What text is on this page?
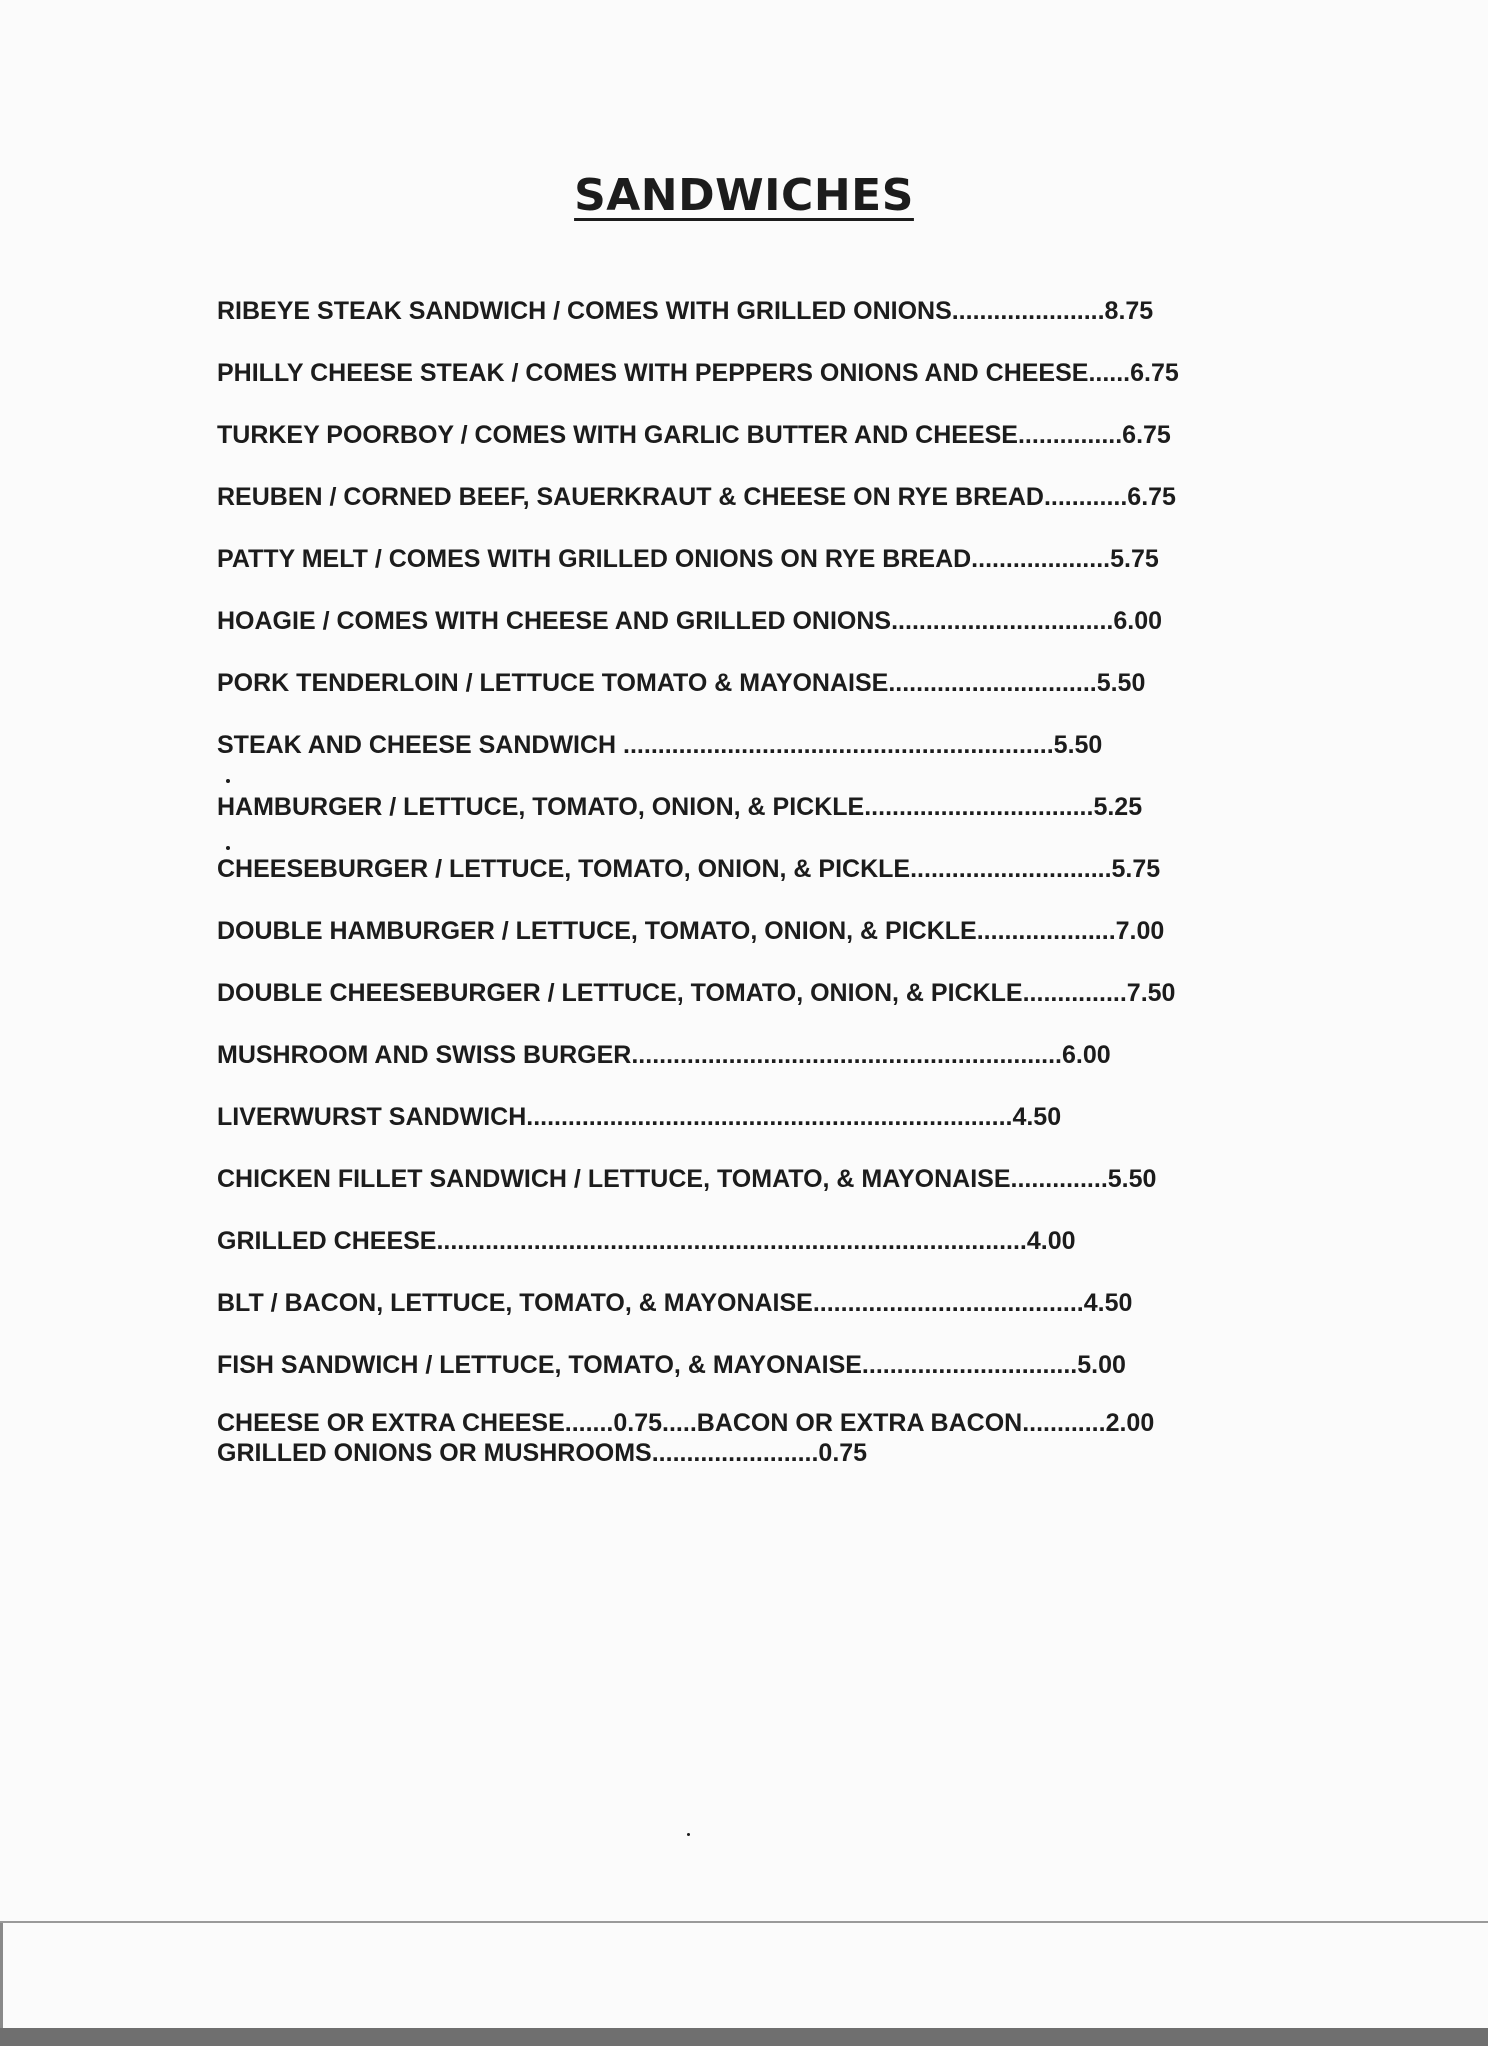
SANDWICHES
RIBEYE STEAK SANDWICH / COMES WITH GRILLED ONIONS......................8.75
PHILLY CHEESE STEAK / COMES WITH PEPPERS ONIONS AND CHEESE......6.75
TURKEY POORBOY / COMES WITH GARLIC BUTTER AND CHEESE...............6.75
REUBEN / CORNED BEEF, SAUERKRAUT & CHEESE ON RYE BREAD............6.75
PATTY MELT / COMES WITH GRILLED ONIONS ON RYE BREAD....................5.75
HOAGIE / COMES WITH CHEESE AND GRILLED ONIONS................................6.00
PORK TENDERLOIN / LETTUCE TOMATO & MAYONAISE..............................5.50
STEAK AND CHEESE SANDWICH ..............................................................5.50
HAMBURGER / LETTUCE, TOMATO, ONION, & PICKLE.................................5.25
CHEESEBURGER / LETTUCE, TOMATO, ONION, & PICKLE.............................5.75
DOUBLE HAMBURGER / LETTUCE, TOMATO, ONION, & PICKLE....................7.00
DOUBLE CHEESEBURGER / LETTUCE, TOMATO, ONION, & PICKLE...............7.50
MUSHROOM AND SWISS BURGER..............................................................6.00
LIVERWURST SANDWICH......................................................................4.50
CHICKEN FILLET SANDWICH / LETTUCE, TOMATO, & MAYONAISE..............5.50
GRILLED CHEESE.....................................................................................4.00
BLT / BACON, LETTUCE, TOMATO, & MAYONAISE.......................................4.50
FISH SANDWICH / LETTUCE, TOMATO, & MAYONAISE...............................5.00
CHEESE OR EXTRA CHEESE.......0.75.....BACON OR EXTRA BACON............2.00
GRILLED ONIONS OR MUSHROOMS........................0.75
